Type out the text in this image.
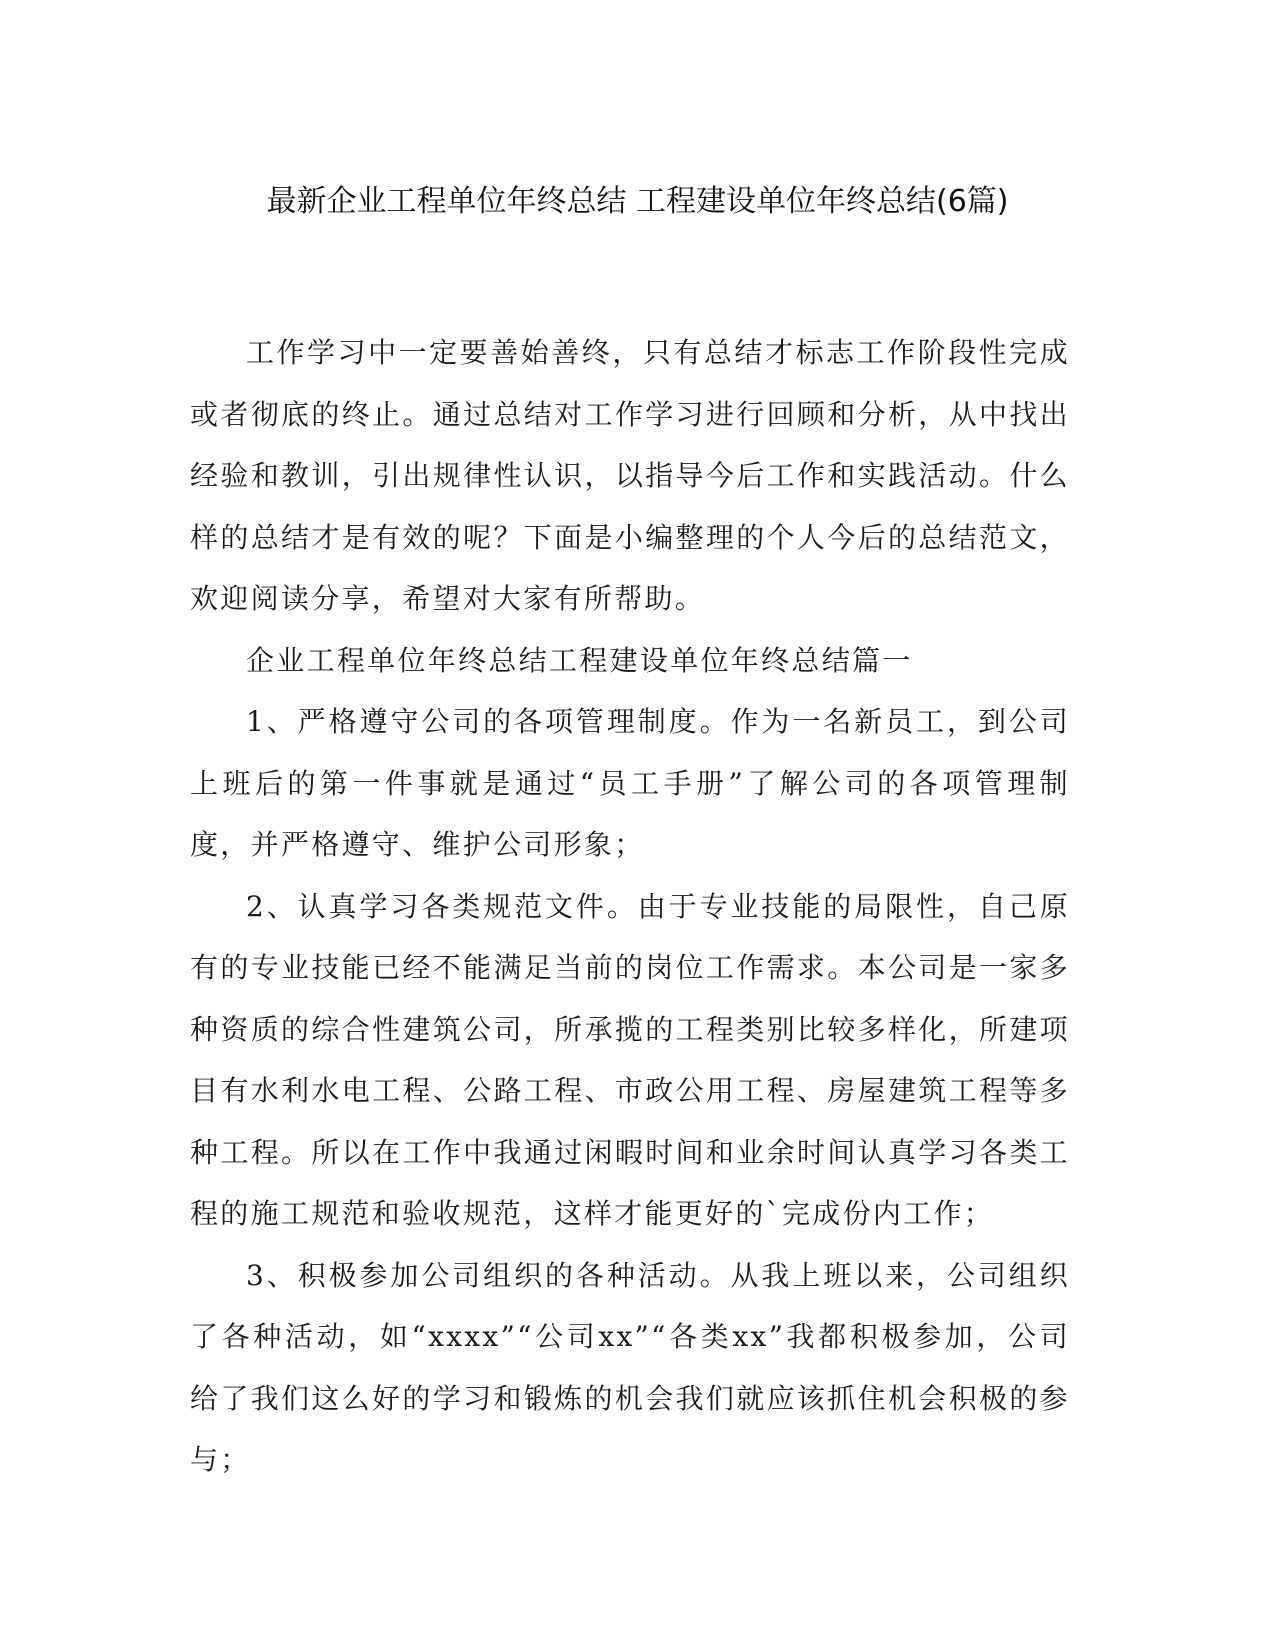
最新企业工程单位年终总结 工程建设单位年终总结(6篇)

工作学习中一定要善始善终，只有总结才标志工作阶段性完成或者彻底的终止。通过总结对工作学习进行回顾和分析，从中找出经验和教训，引出规律性认识，以指导今后工作和实践活动。什么样的总结才是有效的呢？下面是小编整理的个人今后的总结范文，欢迎阅读分享，希望对大家有所帮助。

企业工程单位年终总结工程建设单位年终总结篇一

1、严格遵守公司的各项管理制度。作为一名新员工，到公司上班后的第一件事就是通过“员工手册”了解公司的各项管理制度，并严格遵守、维护公司形象；

2、认真学习各类规范文件。由于专业技能的局限性，自己原有的专业技能已经不能满足当前的岗位工作需求。本公司是一家多种资质的综合性建筑公司，所承揽的工程类别比较多样化，所建项目有水利水电工程、公路工程、市政公用工程、房屋建筑工程等多种工程。所以在工作中我通过闲暇时间和业余时间认真学习各类工程的施工规范和验收规范，这样才能更好的`完成份内工作；

3、积极参加公司组织的各种活动。从我上班以来，公司组织了各种活动，如“xxxx”“公司xx”“各类xx”我都积极参加，公司给了我们这么好的学习和锻炼的机会我们就应该抓住机会积极的参与；
